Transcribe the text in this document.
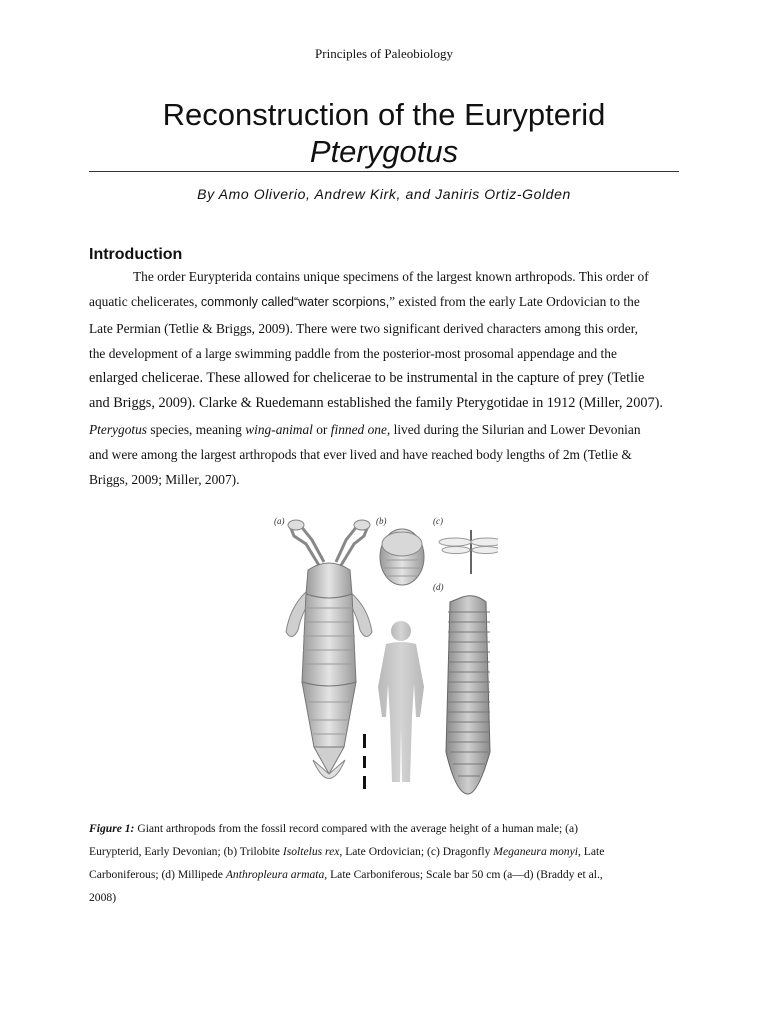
Principles of Paleobiology
Reconstruction of the Eurypterid
Pterygotus
By Amo Oliverio, Andrew Kirk, and Janiris Ortiz-Golden
Introduction
The order Eurypterida contains unique specimens of the largest known arthropods. This order of
aquatic chelicerates, commonly called“water scorpions,” existed from the early Late Ordovician to the
Late Permian (Tetlie & Briggs, 2009). There were two significant derived characters among this order,
the development of a large swimming paddle from the posterior-most prosomal appendage and the
enlarged chelicerae. These allowed for chelicerae to be instrumental in the capture of prey (Tetlie
and Briggs, 2009). Clarke & Ruedemann established the family Pterygotidae in 1912 (Miller, 2007).
Pterygotus species, meaning wing-animal or finned one, lived during the Silurian and Lower Devonian
and were among the largest arthropods that ever lived and have reached body lengths of 2m (Tetlie &
Briggs, 2009; Miller, 2007).
(a)	(b)	(c)
(d)
Figure 1: Giant arthropods from the fossil record compared with the average height of a human male; (a)
Eurypterid, Early Devonian; (b) Trilobite Isoltelus rex, Late Ordovician; (c) Dragonfly Meganeura monyi, Late
Carboniferous; (d) Millipede Anthropleura armata, Late Carboniferous; Scale bar 50 cm (a—d) (Braddy et al.,
2008)
